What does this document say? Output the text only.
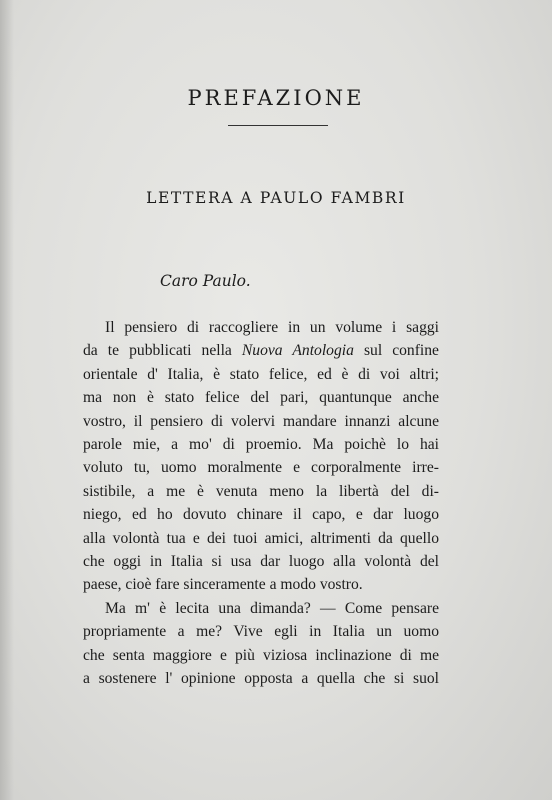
PREFAZIONE
LETTERA A PAULO FAMBRI
Caro Paulo.
Il pensiero di raccogliere in un volume i saggi
da te pubblicati nella Nuova Antologia sul confine
orientale d' Italia, è stato felice, ed è di voi altri;
ma non è stato felice del pari, quantunque anche
vostro, il pensiero di volervi mandare innanzi alcune
parole mie, a mo' di proemio. Ma poichè lo hai
voluto tu, uomo moralmente e corporalmente irre-
sistibile, a me è venuta meno la libertà del di-
niego, ed ho dovuto chinare il capo, e dar luogo
alla volontà tua e dei tuoi amici, altrimenti da quello
che oggi in Italia si usa dar luogo alla volontà del
paese, cioè fare sinceramente a modo vostro.
Ma m' è lecita una dimanda? — Come pensare
propriamente a me? Vive egli in Italia un uomo
che senta maggiore e più viziosa inclinazione di me
a sostenere l' opinione opposta a quella che si suol
